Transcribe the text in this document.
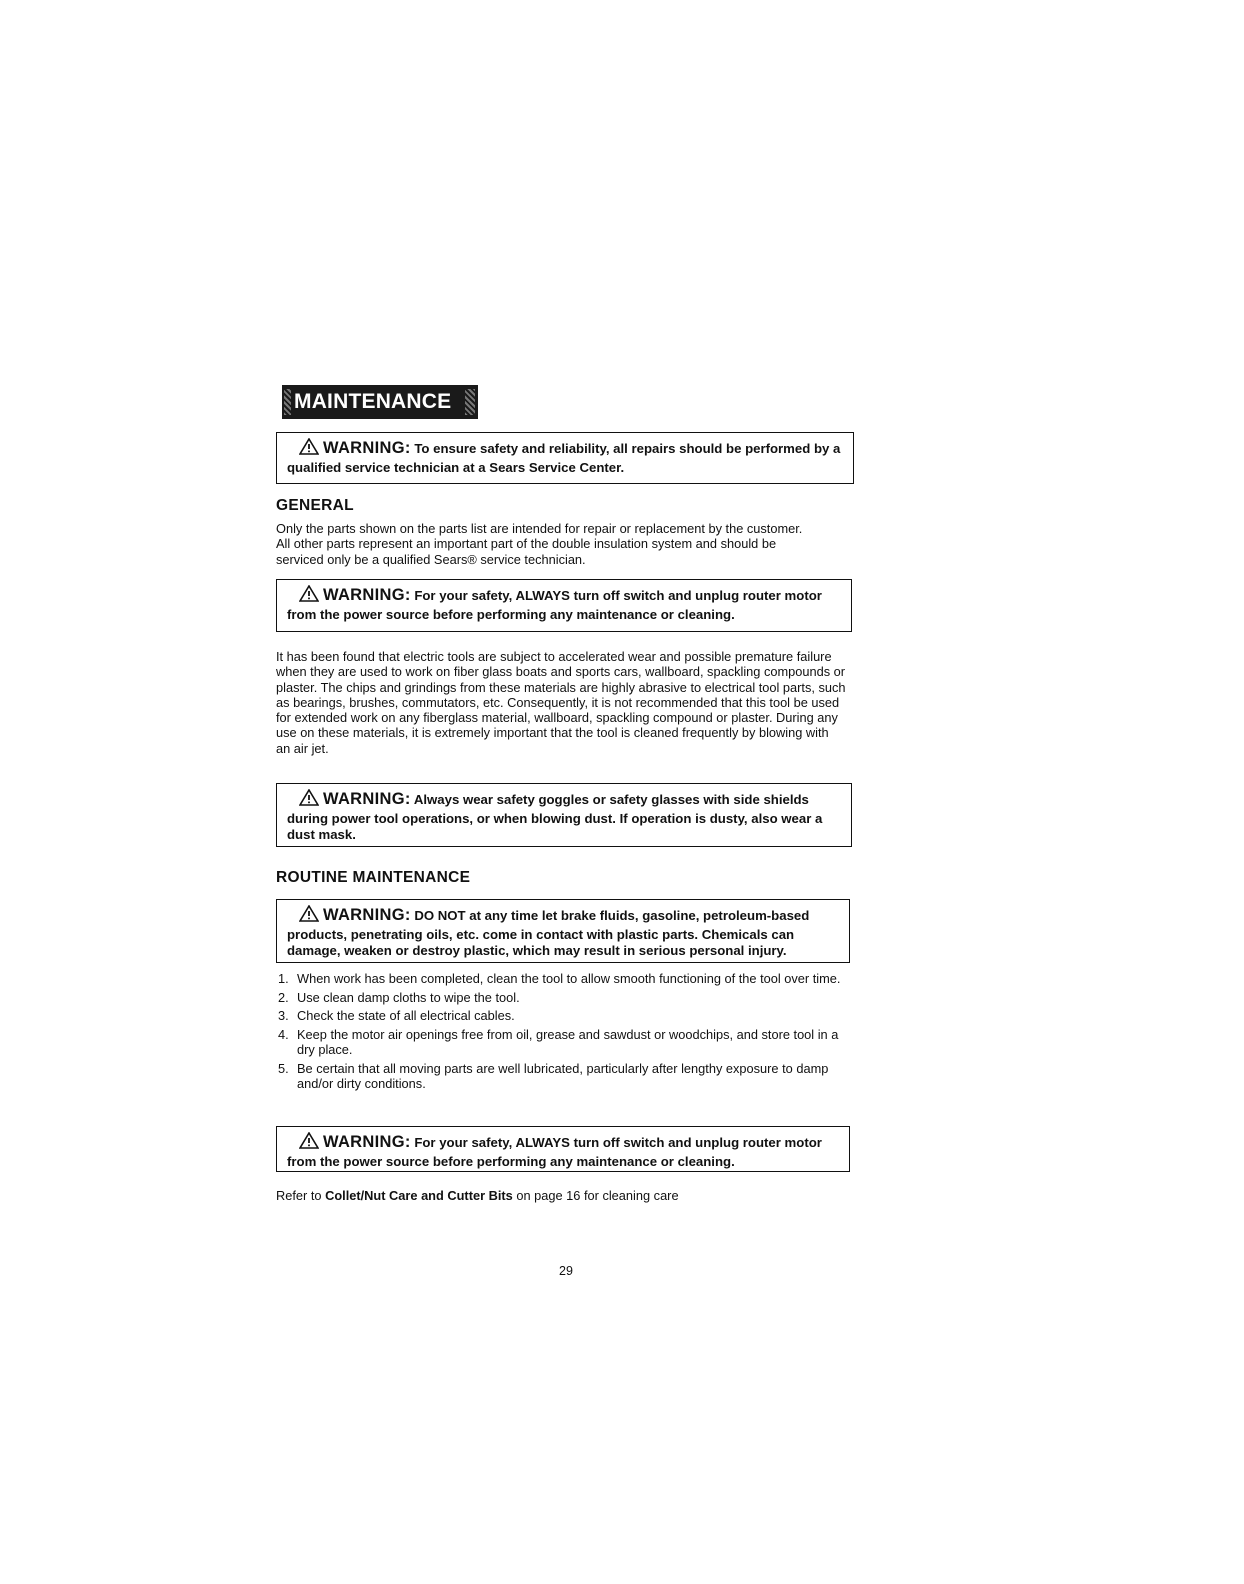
MAINTENANCE
WARNING: To ensure safety and reliability, all repairs should be performed by a qualified service technician at a Sears Service Center.
GENERAL
Only the parts shown on the parts list are intended for repair or replacement by the customer. All other parts represent an important part of the double insulation system and should be serviced only be a qualified Sears® service technician.
WARNING: For your safety, ALWAYS turn off switch and unplug router motor from the power source before performing any maintenance or cleaning.
It has been found that electric tools are subject to accelerated wear and possible premature failure when they are used to work on fiber glass boats and sports cars, wallboard, spackling compounds or plaster. The chips and grindings from these materials are highly abrasive to electrical tool parts, such as bearings, brushes, commutators, etc. Consequently, it is not recommended that this tool be used for extended work on any fiberglass material, wallboard, spackling compound or plaster. During any use on these materials, it is extremely important that the tool is cleaned frequently by blowing with an air jet.
WARNING: Always wear safety goggles or safety glasses with side shields during power tool operations, or when blowing dust. If operation is dusty, also wear a dust mask.
ROUTINE MAINTENANCE
WARNING: DO NOT at any time let brake fluids, gasoline, petroleum-based products, penetrating oils, etc. come in contact with plastic parts. Chemicals can damage, weaken or destroy plastic, which may result in serious personal injury.
1. When work has been completed, clean the tool to allow smooth functioning of the tool over time.
2. Use clean damp cloths to wipe the tool.
3. Check the state of all electrical cables.
4. Keep the motor air openings free from oil, grease and sawdust or woodchips, and store tool in a dry place.
5. Be certain that all moving parts are well lubricated, particularly after lengthy exposure to damp and/or dirty conditions.
WARNING: For your safety, ALWAYS turn off switch and unplug router motor from the power source before performing any maintenance or cleaning.
Refer to Collet/Nut Care and Cutter Bits on page 16 for cleaning care
29
